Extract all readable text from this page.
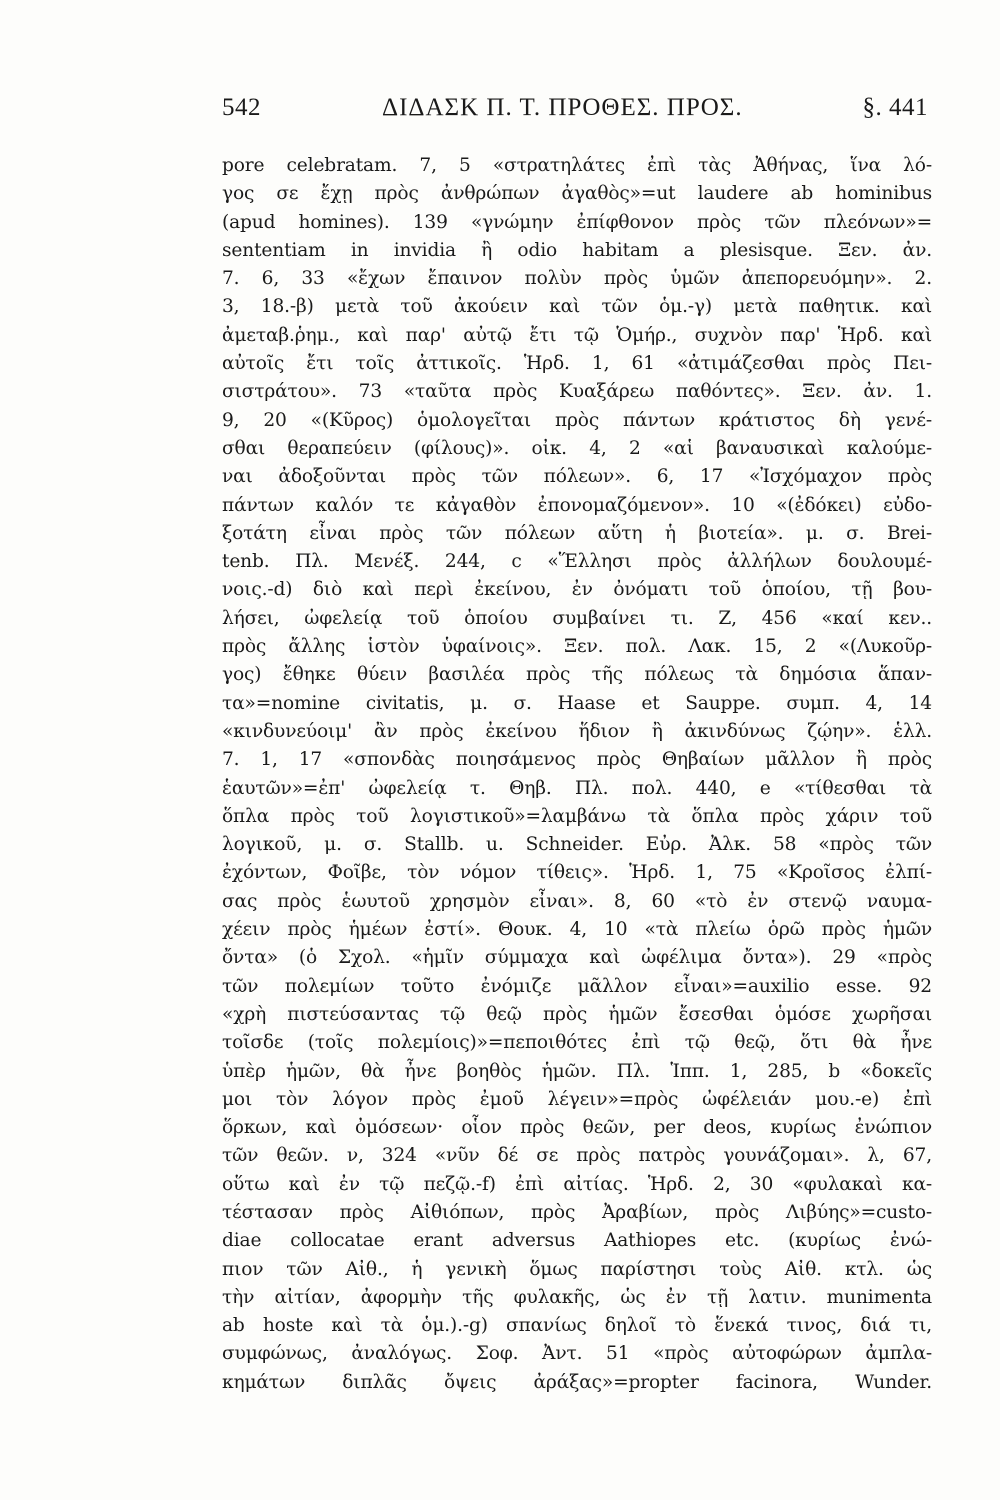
542	ΔΙΔΑΣΚ Π. Τ. ΠΡΟΘΕΣ. ΠΡΟΣ.	§. 441
pore celebratam. 7, 5 «στρατηλάτες ἐπὶ τὰς Ἀθήνας, ἵνα λό-
γος σε ἔχῃ πρὸς ἀνθρώπων ἀγαθὸς»=ut laudere ab hominibus
(apud homines). 139 «γνώμην ἐπίφθονον πρὸς τῶν πλεόνων»=
sententiam in invidia ἢ odio habitam a plesisque. Ξεν. ἀν.
7. 6, 33 «ἔχων ἔπαινον πολὺν πρὸς ὑμῶν ἀπεπορευόμην». 2.
3, 18.-β) μετὰ τοῦ ἀκούειν καὶ τῶν ὁμ.-γ) μετὰ παθητικ. καὶ
ἀμεταβ.ῥημ., καὶ παρ' αὐτῷ ἔτι τῷ Ὁμήρ., συχνὸν παρ' Ἡρδ. καὶ
αὐτοῖς ἔτι τοῖς ἀττικοῖς. Ἡρδ. 1, 61 «ἀτιμάζεσθαι πρὸς Πει-
σιστράτου». 73 «ταῦτα πρὸς Κυαξάρεω παθόντες». Ξεν. ἀν. 1.
9, 20 «(Κῦρος) ὁμολογεῖται πρὸς πάντων κράτιστος δὴ γενέ-
σθαι θεραπεύειν (φίλους)». οἰκ. 4, 2 «αἱ βαναυσικαὶ καλούμε-
ναι ἀδοξοῦνται πρὸς τῶν πόλεων». 6, 17 «Ἰσχόμαχον πρὸς
πάντων καλόν τε κἀγαθὸν ἐπονομαζόμενον». 10 «(ἐδόκει) εὐδο-
ξοτάτη εἶναι πρὸς τῶν πόλεων αὕτη ἡ βιοτεία». μ. σ. Brei-
tenb. Πλ. Μενέξ. 244, c «Ἕλλησι πρὸς ἀλλήλων δουλουμέ-
νοις.-d) διὸ καὶ περὶ ἐκείνου, ἐν ὀνόματι τοῦ ὁποίου, τῇ βου-
λήσει, ὠφελείᾳ τοῦ ὁποίου συμβαίνει τι. Ζ, 456 «καί κεν..
πρὸς ἄλλης ἱστὸν ὑφαίνοις». Ξεν. πολ. Λακ. 15, 2 «(Λυκοῦρ-
γος) ἔθηκε θύειν βασιλέα πρὸς τῆς πόλεως τὰ δημόσια ἅπαν-
τα»=nomine civitatis, μ. σ. Haase et Sauppe. συμπ. 4, 14
«κινδυνεύοιμ' ἂν πρὸς ἐκείνου ἥδιον ἢ ἀκινδύνως ζῴην». ἑλλ.
7. 1, 17 «σπονδὰς ποιησάμενος πρὸς Θηβαίων μᾶλλον ἢ πρὸς
ἑαυτῶν»=ἐπ' ὠφελείᾳ τ. Θηβ. Πλ. πολ. 440, e «τίθεσθαι τὰ
ὅπλα πρὸς τοῦ λογιστικοῦ»=λαμβάνω τὰ ὅπλα πρὸς χάριν τοῦ
λογικοῦ, μ. σ. Stallb. u. Schneider. Εὐρ. Ἀλκ. 58 «πρὸς τῶν
ἐχόντων, Φοῖβε, τὸν νόμον τίθεις». Ἡρδ. 1, 75 «Κροῖσος ἐλπί-
σας πρὸς ἑωυτοῦ χρησμὸν εἶναι». 8, 60 «τὸ ἐν στενῷ ναυμα-
χέειν πρὸς ἡμέων ἐστί». Θουκ. 4, 10 «τὰ πλείω ὁρῶ πρὸς ἡμῶν
ὄντα» (ὁ Σχολ. «ἡμῖν σύμμαχα καὶ ὠφέλιμα ὄντα»). 29 «πρὸς
τῶν πολεμίων τοῦτο ἐνόμιζε μᾶλλον εἶναι»=auxilio esse. 92
«χρὴ πιστεύσαντας τῷ θεῷ πρὸς ἡμῶν ἔσεσθαι ὁμόσε χωρῆσαι
τοῖσδε (τοῖς πολεμίοις)»=πεποιθότες ἐπὶ τῷ θεῷ, ὅτι θὰ ἦνε
ὑπὲρ ἡμῶν, θὰ ἦνε βοηθὸς ἡμῶν. Πλ. Ἱππ. 1, 285, b «δοκεῖς
μοι τὸν λόγον πρὸς ἐμοῦ λέγειν»=πρὸς ὠφέλειάν μου.-e) ἐπὶ
ὅρκων, καὶ ὀμόσεων· οἷον πρὸς θεῶν, per deos, κυρίως ἐνώπιον
τῶν θεῶν. ν, 324 «νῦν δέ σε πρὸς πατρὸς γουνάζομαι». λ, 67,
οὕτω καὶ ἐν τῷ πεζῷ.-f) ἐπὶ αἰτίας. Ἡρδ. 2, 30 «φυλακαὶ κα-
τέστασαν πρὸς Αἰθιόπων, πρὸς Ἀραβίων, πρὸς Λιβύης»=custo-
diae collocatae erant adversus Aathiopes etc. (κυρίως ἐνώ-
πιον τῶν Αἰθ., ἡ γενικὴ ὅμως παρίστησι τοὺς Αἰθ. κτλ. ὡς
τὴν αἰτίαν, ἀφορμὴν τῆς φυλακῆς, ὡς ἐν τῇ λατιν. munimenta
ab hoste καὶ τὰ ὁμ.).-g) σπανίως δηλοῖ τὸ ἕνεκά τινος, διά τι,
συμφώνως, ἀναλόγως. Σοφ. Ἀντ. 51 «πρὸς αὐτοφώρων ἀμπλα-
κημάτων διπλᾶς ὄψεις ἀράξας»=propter facinora, Wunder.
